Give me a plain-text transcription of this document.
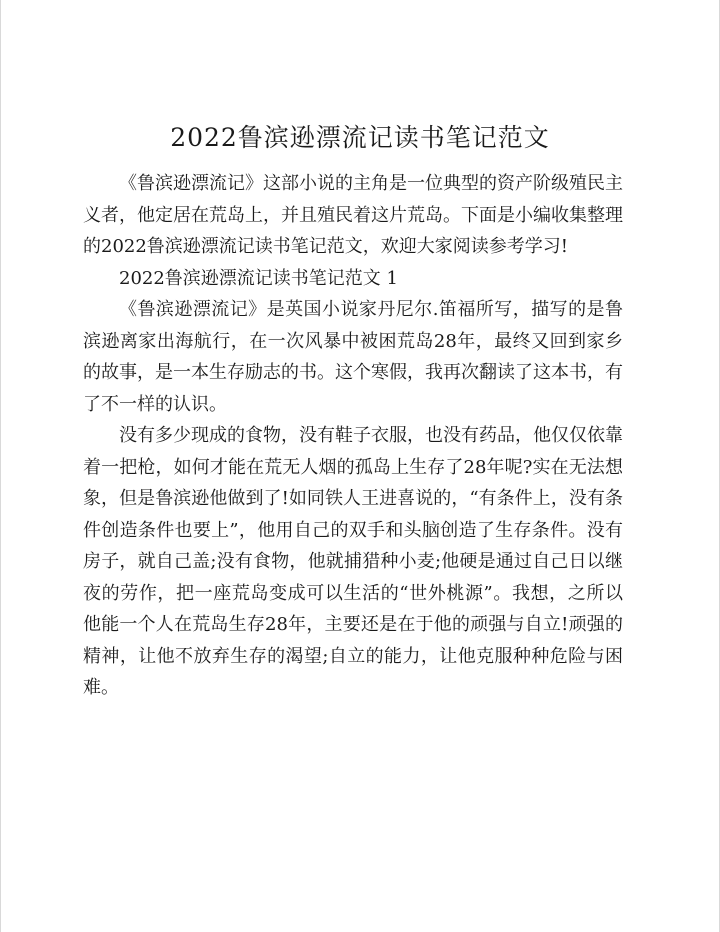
2022鲁滨逊漂流记读书笔记范文

《鲁滨逊漂流记》这部小说的主角是一位典型的资产阶级殖民主义者，他定居在荒岛上，并且殖民着这片荒岛。下面是小编收集整理的2022鲁滨逊漂流记读书笔记范文，欢迎大家阅读参考学习!

2022鲁滨逊漂流记读书笔记范文 1

《鲁滨逊漂流记》是英国小说家丹尼尔.笛福所写，描写的是鲁滨逊离家出海航行，在一次风暴中被困荒岛28年，最终又回到家乡的故事，是一本生存励志的书。这个寒假，我再次翻读了这本书，有了不一样的认识。

没有多少现成的食物，没有鞋子衣服，也没有药品，他仅仅依靠着一把枪，如何才能在荒无人烟的孤岛上生存了28年呢?实在无法想象，但是鲁滨逊他做到了!如同铁人王进喜说的，“有条件上，没有条件创造条件也要上”，他用自己的双手和头脑创造了生存条件。没有房子，就自己盖;没有食物，他就捕猎种小麦;他硬是通过自己日以继夜的劳作，把一座荒岛变成可以生活的“世外桃源”。我想，之所以他能一个人在荒岛生存28年，主要还是在于他的顽强与自立!顽强的精神，让他不放弃生存的渴望;自立的能力，让他克服种种危险与困难。
